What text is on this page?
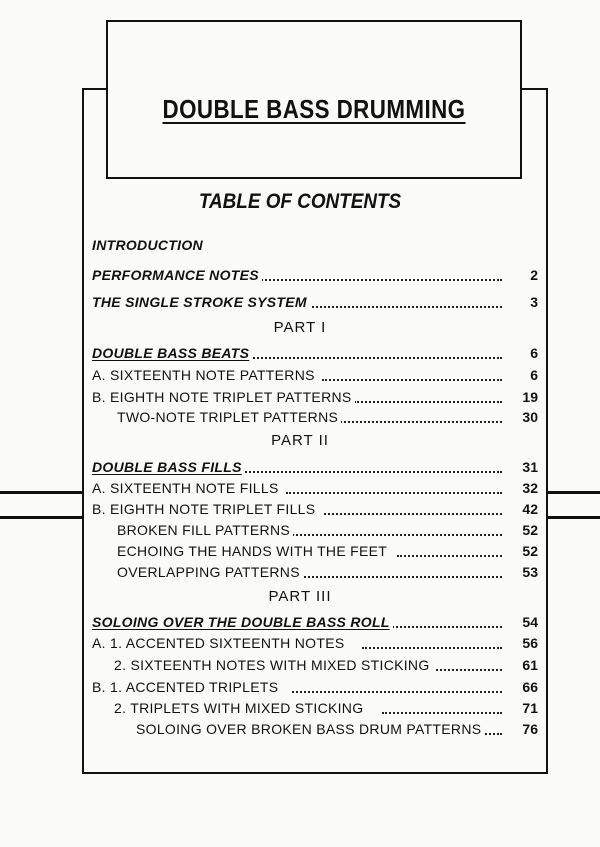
DOUBLE BASS DRUMMING
TABLE OF CONTENTS
INTRODUCTION
PERFORMANCE NOTES	2
THE SINGLE STROKE SYSTEM	3
PART I
DOUBLE BASS BEATS	6
A. SIXTEENTH NOTE PATTERNS	6
B. EIGHTH NOTE TRIPLET PATTERNS	19
TWO-NOTE TRIPLET PATTERNS	30
PART II
DOUBLE BASS FILLS	31
A. SIXTEENTH NOTE FILLS	32
B. EIGHTH NOTE TRIPLET FILLS	42
BROKEN FILL PATTERNS	52
ECHOING THE HANDS WITH THE FEET	52
OVERLAPPING PATTERNS	53
PART III
SOLOING OVER THE DOUBLE BASS ROLL	54
A. 1. ACCENTED SIXTEENTH NOTES	56
2. SIXTEENTH NOTES WITH MIXED STICKING	61
B. 1. ACCENTED TRIPLETS	66
2. TRIPLETS WITH MIXED STICKING	71
SOLOING OVER BROKEN BASS DRUM PATTERNS	76
